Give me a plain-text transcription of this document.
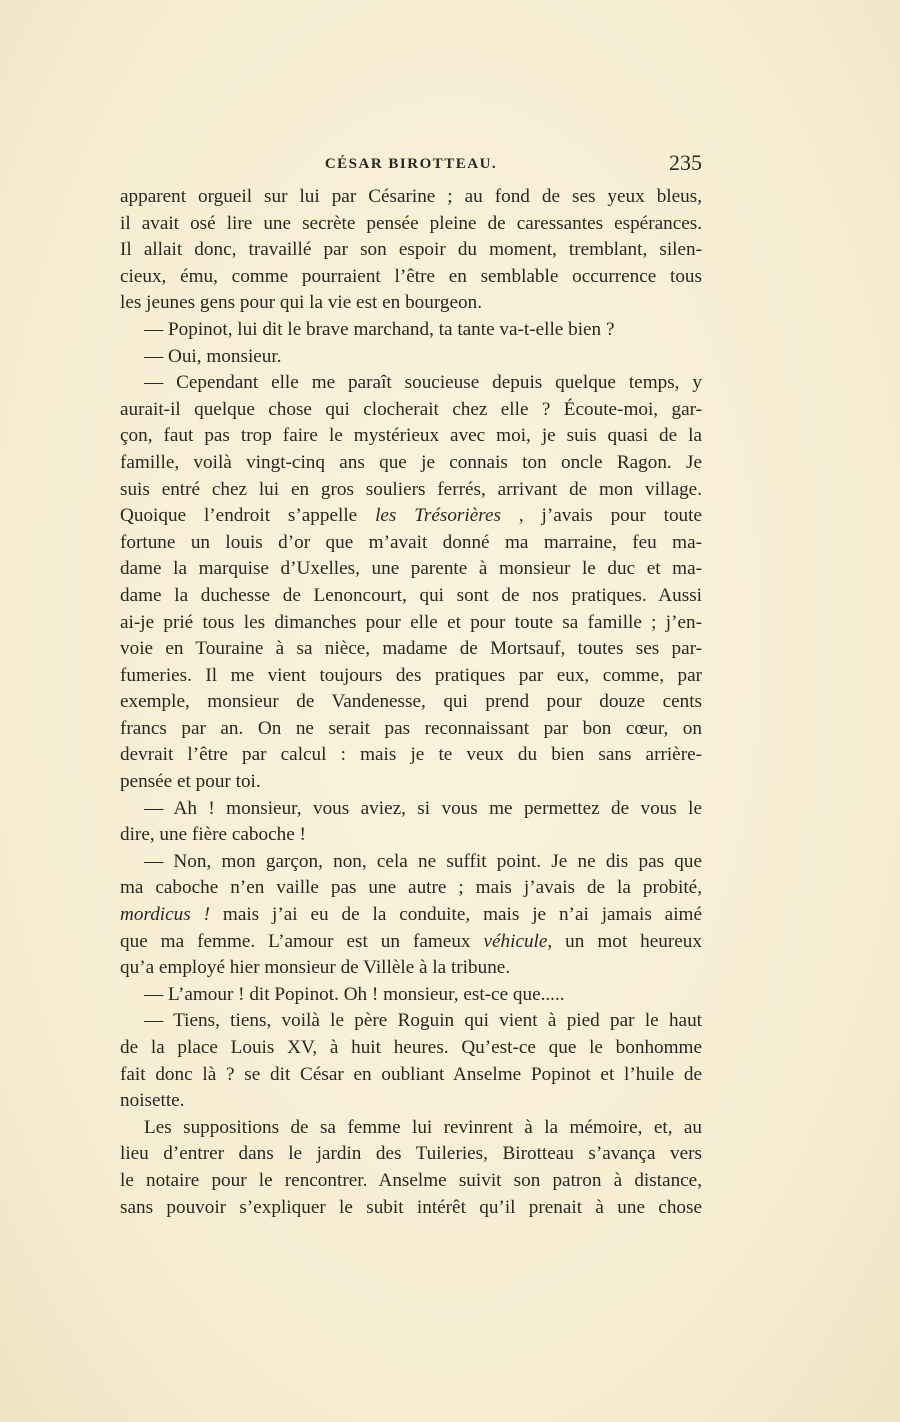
CÉSAR BIROTTEAU.	235
apparent orgueil sur lui par Césarine ; au fond de ses yeux bleus,
il avait osé lire une secrète pensée pleine de caressantes espérances.
Il allait donc, travaillé par son espoir du moment, tremblant, silen-
cieux, ému, comme pourraient l’être en semblable occurrence tous
les jeunes gens pour qui la vie est en bourgeon.
— Popinot, lui dit le brave marchand, ta tante va-t-elle bien ?
— Oui, monsieur.
— Cependant elle me paraît soucieuse depuis quelque temps, y
aurait-il quelque chose qui clocherait chez elle ? Écoute-moi, gar-
çon, faut pas trop faire le mystérieux avec moi, je suis quasi de la
famille, voilà vingt-cinq ans que je connais ton oncle Ragon. Je
suis entré chez lui en gros souliers ferrés, arrivant de mon village.
Quoique l’endroit s’appelle les Trésorières , j’avais pour toute
fortune un louis d’or que m’avait donné ma marraine, feu ma-
dame la marquise d’Uxelles, une parente à monsieur le duc et ma-
dame la duchesse de Lenoncourt, qui sont de nos pratiques. Aussi
ai-je prié tous les dimanches pour elle et pour toute sa famille ; j’en-
voie en Touraine à sa nièce, madame de Mortsauf, toutes ses par-
fumeries. Il me vient toujours des pratiques par eux, comme, par
exemple, monsieur de Vandenesse, qui prend pour douze cents
francs par an. On ne serait pas reconnaissant par bon cœur, on
devrait l’être par calcul : mais je te veux du bien sans arrière-
pensée et pour toi.
— Ah ! monsieur, vous aviez, si vous me permettez de vous le
dire, une fière caboche !
— Non, mon garçon, non, cela ne suffit point. Je ne dis pas que
ma caboche n’en vaille pas une autre ; mais j’avais de la probité,
mordicus ! mais j’ai eu de la conduite, mais je n’ai jamais aimé
que ma femme. L’amour est un fameux véhicule, un mot heureux
qu’a employé hier monsieur de Villèle à la tribune.
— L’amour ! dit Popinot. Oh ! monsieur, est-ce que.....
— Tiens, tiens, voilà le père Roguin qui vient à pied par le haut
de la place Louis XV, à huit heures. Qu’est-ce que le bonhomme
fait donc là ? se dit César en oubliant Anselme Popinot et l’huile de
noisette.
Les suppositions de sa femme lui revinrent à la mémoire, et, au
lieu d’entrer dans le jardin des Tuileries, Birotteau s’avança vers
le notaire pour le rencontrer. Anselme suivit son patron à distance,
sans pouvoir s’expliquer le subit intérêt qu’il prenait à une chose
